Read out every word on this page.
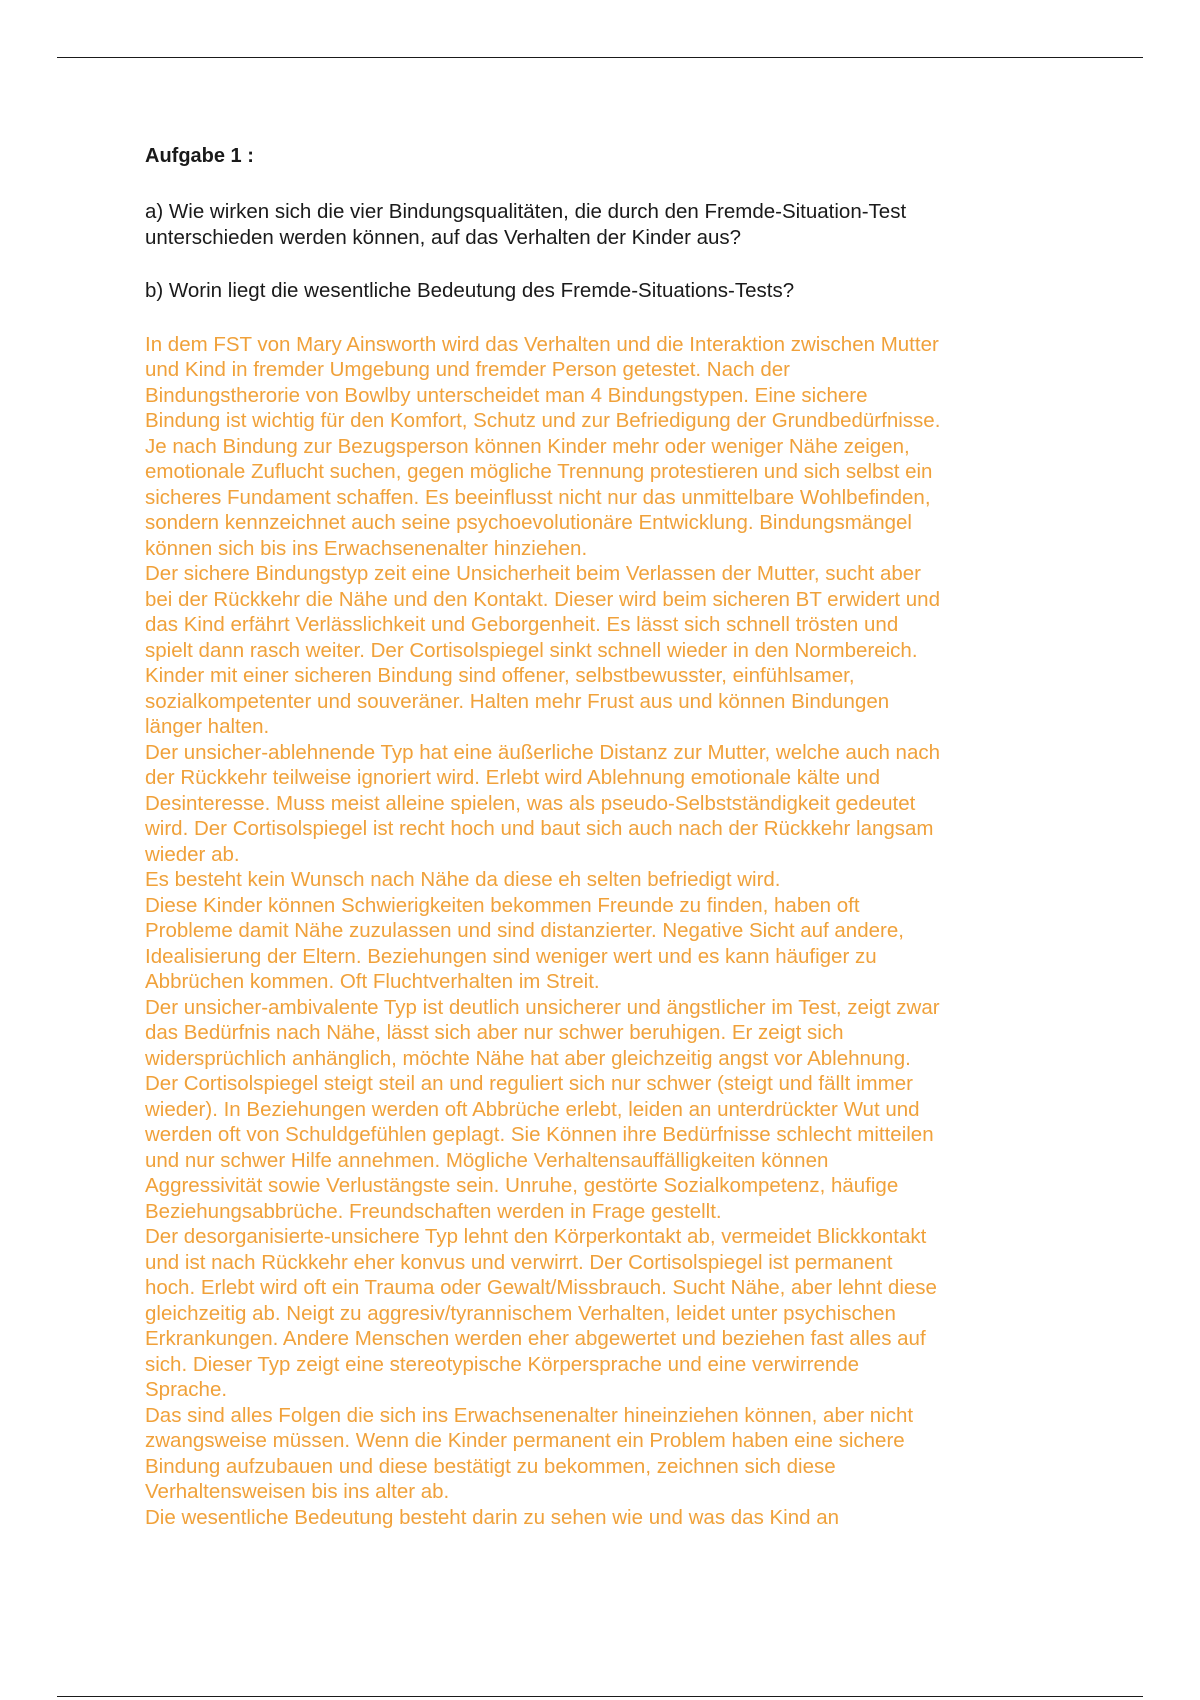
Aufgabe 1 :
a) Wie wirken sich die vier Bindungsqualitäten, die durch den Fremde-Situation-Test
unterschieden werden können, auf das Verhalten der Kinder aus?
b) Worin liegt die wesentliche Bedeutung des Fremde-Situations-Tests?
In dem FST von Mary Ainsworth wird das Verhalten und die Interaktion zwischen Mutter
und Kind in fremder Umgebung und fremder Person getestet. Nach der
Bindungstherorie von Bowlby unterscheidet man 4 Bindungstypen. Eine sichere
Bindung ist wichtig für den Komfort, Schutz und zur Befriedigung der Grundbedürfnisse.
Je nach Bindung zur Bezugsperson können Kinder mehr oder weniger Nähe zeigen,
emotionale Zuflucht suchen, gegen mögliche Trennung protestieren und sich selbst ein
sicheres Fundament schaffen. Es beeinflusst nicht nur das unmittelbare Wohlbefinden,
sondern kennzeichnet auch seine psychoevolutionäre Entwicklung. Bindungsmängel
können sich bis ins Erwachsenenalter hinziehen.
Der sichere Bindungstyp zeit eine Unsicherheit beim Verlassen der Mutter, sucht aber
bei der Rückkehr die Nähe und den Kontakt. Dieser wird beim sicheren BT erwidert und
das Kind erfährt Verlässlichkeit und Geborgenheit. Es lässt sich schnell trösten und
spielt dann rasch weiter. Der Cortisolspiegel sinkt schnell wieder in den Normbereich.
Kinder mit einer sicheren Bindung sind offener, selbstbewusster, einfühlsamer,
sozialkompetenter und souveräner. Halten mehr Frust aus und können Bindungen
länger halten.
Der unsicher-ablehnende Typ hat eine äußerliche Distanz zur Mutter, welche auch nach
der Rückkehr teilweise ignoriert wird. Erlebt wird Ablehnung emotionale kälte und
Desinteresse. Muss meist alleine spielen, was als pseudo-Selbstständigkeit gedeutet
wird. Der Cortisolspiegel ist recht hoch und baut sich auch nach der Rückkehr langsam
wieder ab.
Es besteht kein Wunsch nach Nähe da diese eh selten befriedigt wird.
Diese Kinder können Schwierigkeiten bekommen Freunde zu finden, haben oft
Probleme damit Nähe zuzulassen und sind distanzierter. Negative Sicht auf andere,
Idealisierung der Eltern. Beziehungen sind weniger wert und es kann häufiger zu
Abbrüchen kommen. Oft Fluchtverhalten im Streit.
Der unsicher-ambivalente Typ ist deutlich unsicherer und ängstlicher im Test, zeigt zwar
das Bedürfnis nach Nähe, lässt sich aber nur schwer beruhigen. Er zeigt sich
widersprüchlich anhänglich, möchte Nähe hat aber gleichzeitig angst vor Ablehnung.
Der Cortisolspiegel steigt steil an und reguliert sich nur schwer (steigt und fällt immer
wieder). In Beziehungen werden oft Abbrüche erlebt, leiden an unterdrückter Wut und
werden oft von Schuldgefühlen geplagt. Sie Können ihre Bedürfnisse schlecht mitteilen
und nur schwer Hilfe annehmen. Mögliche Verhaltensauffälligkeiten können
Aggressivität sowie Verlustängste sein. Unruhe, gestörte Sozialkompetenz, häufige
Beziehungsabbrüche. Freundschaften werden in Frage gestellt.
Der desorganisierte-unsichere Typ lehnt den Körperkontakt ab, vermeidet Blickkontakt
und ist nach Rückkehr eher konvus und verwirrt. Der Cortisolspiegel ist permanent
hoch. Erlebt wird oft ein Trauma oder Gewalt/Missbrauch. Sucht Nähe, aber lehnt diese
gleichzeitig ab. Neigt zu aggresiv/tyrannischem Verhalten, leidet unter psychischen
Erkrankungen. Andere Menschen werden eher abgewertet und beziehen fast alles auf
sich. Dieser Typ zeigt eine stereotypische Körpersprache und eine verwirrende
Sprache.
Das sind alles Folgen die sich ins Erwachsenenalter hineinziehen können, aber nicht
zwangsweise müssen. Wenn die Kinder permanent ein Problem haben eine sichere
Bindung aufzubauen und diese bestätigt zu bekommen, zeichnen sich diese
Verhaltensweisen bis ins alter ab.
Die wesentliche Bedeutung besteht darin zu sehen wie und was das Kind an
